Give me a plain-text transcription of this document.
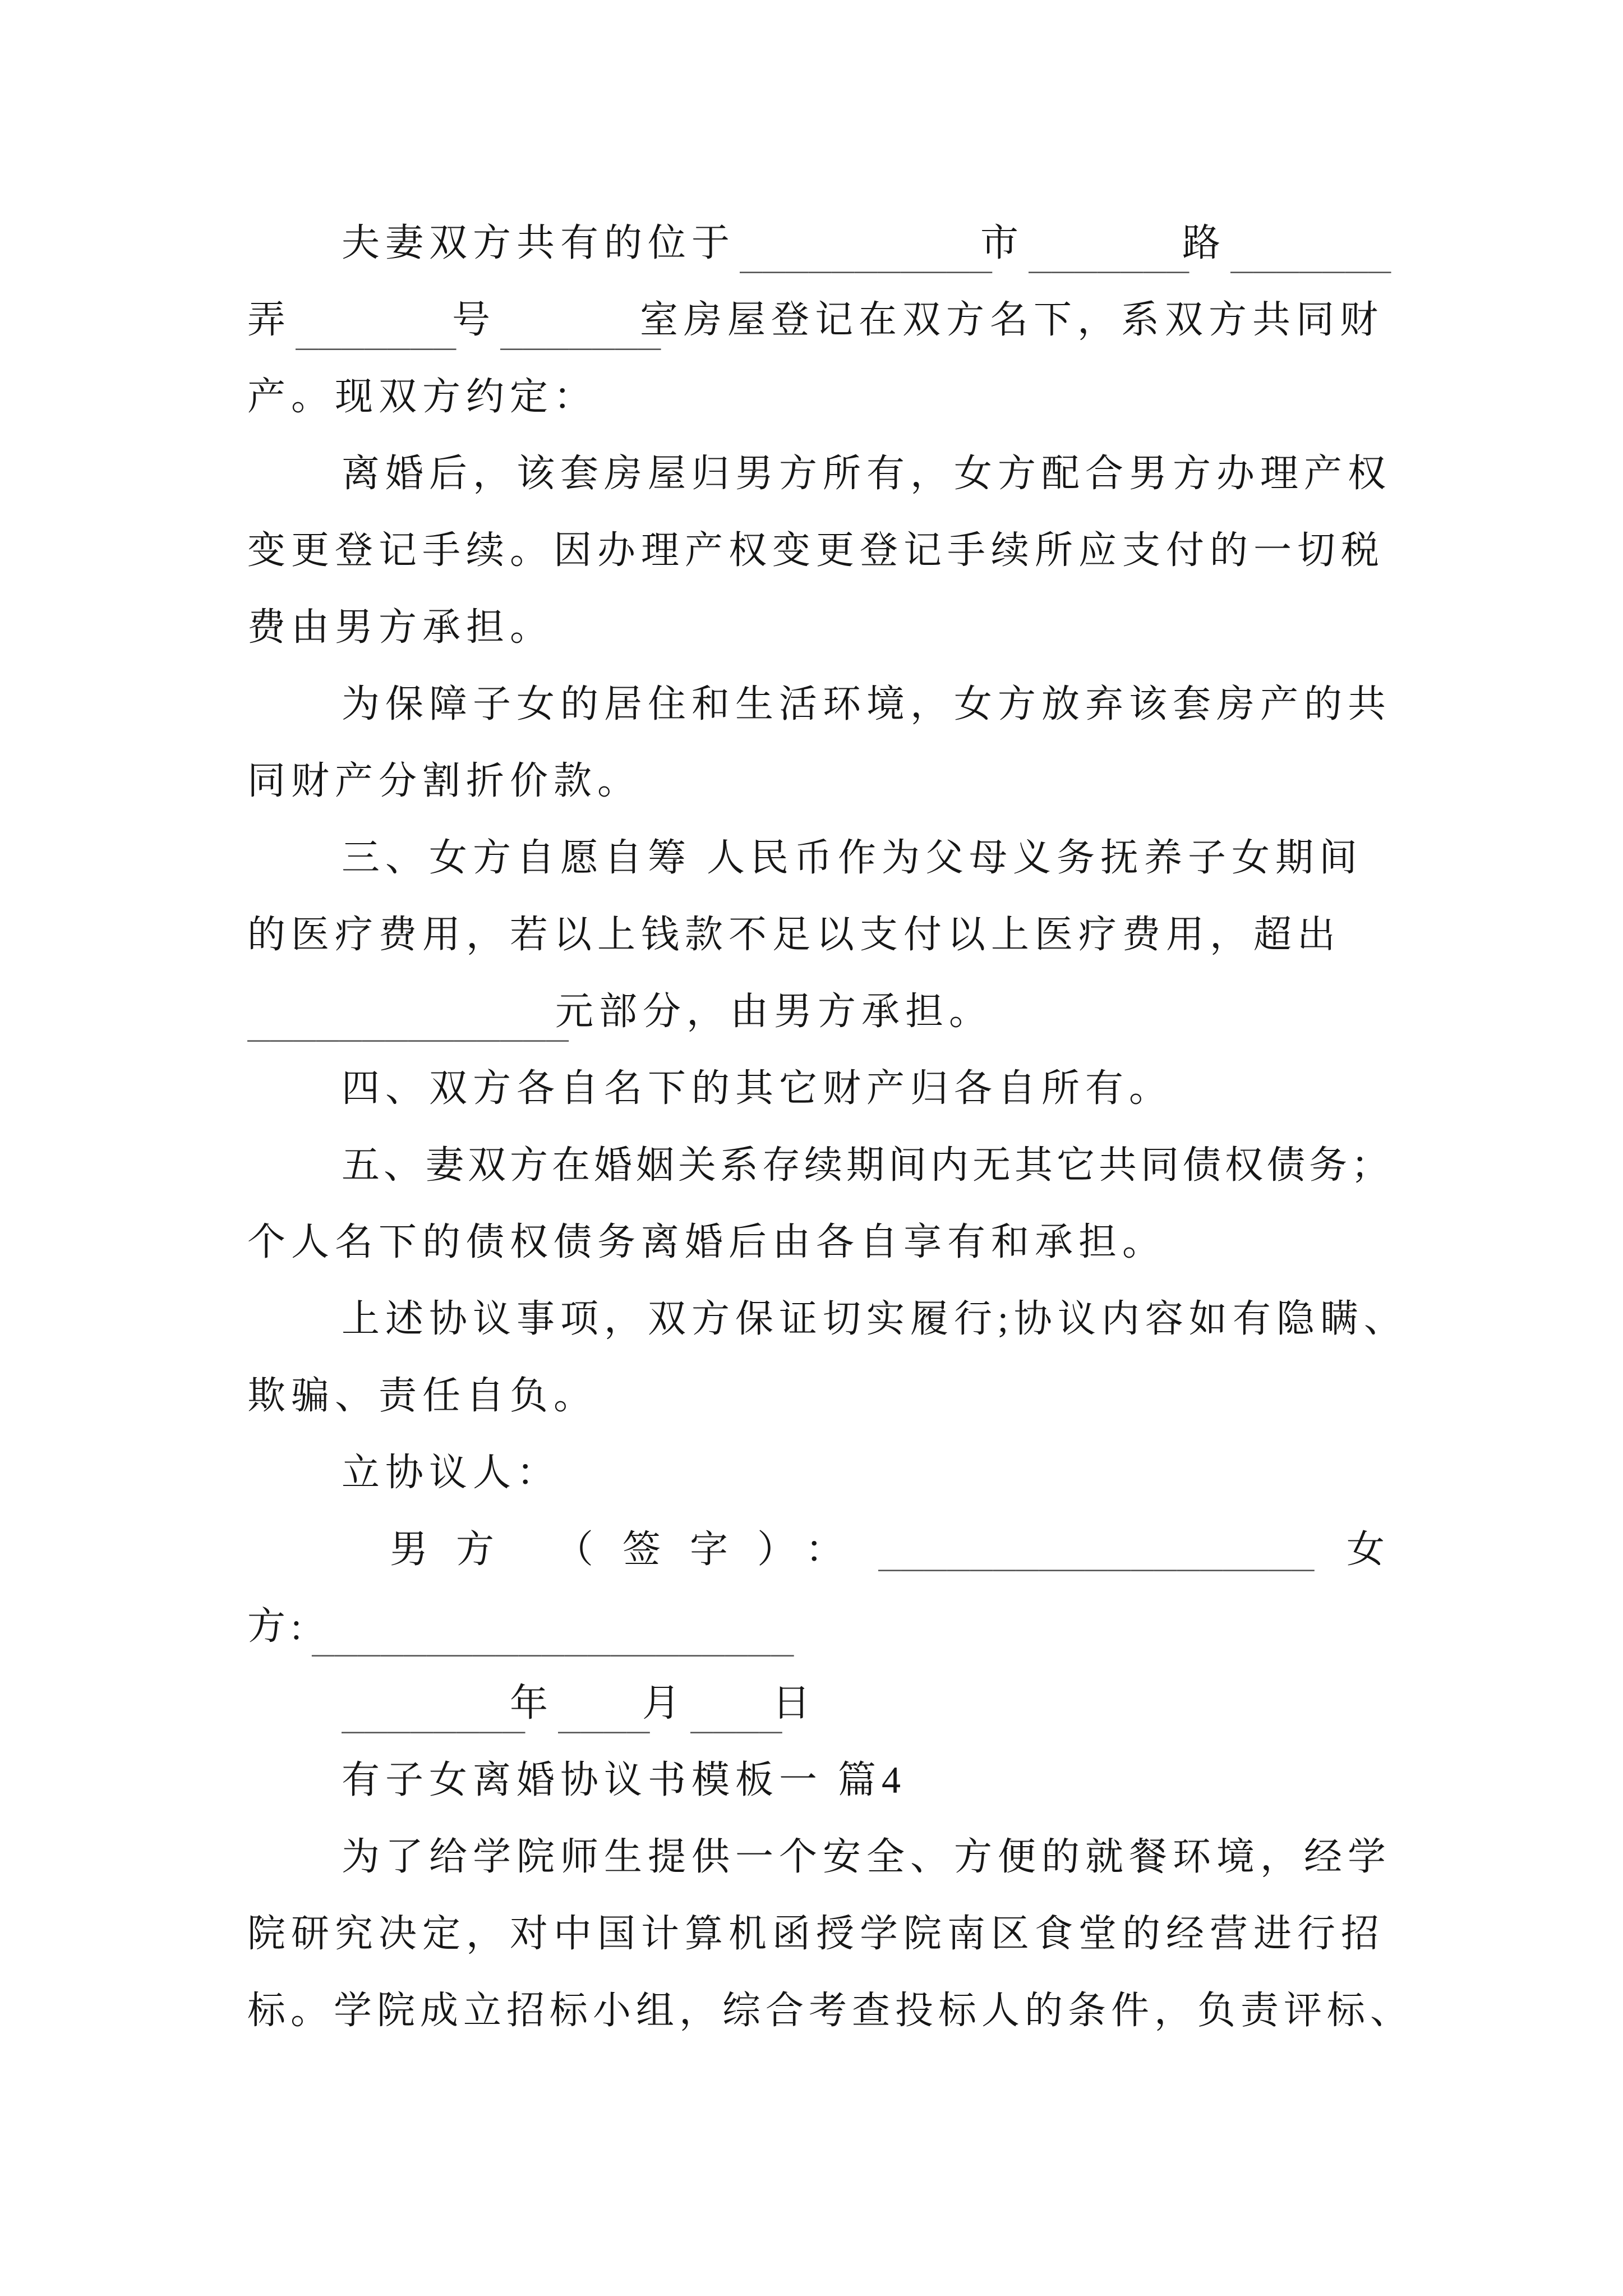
夫妻双方共有的位于 ___________市 _______路 _______
弄 _______号 _______室房屋登记在双方名下，系双方共同财
产。现双方约定：
离婚后，该套房屋归男方所有，女方配合男方办理产权
变更登记手续。因办理产权变更登记手续所应支付的一切税
费由男方承担。
为保障子女的居住和生活环境，女方放弃该套房产的共
同财产分割折价款。
三、女方自愿自筹 人民币作为父母义务抚养子女期间
的医疗费用，若以上钱款不足以支付以上医疗费用，超出
______________元部分，由男方承担。
四、双方各自名下的其它财产归各自所有。
五、妻双方在婚姻关系存续期间内无其它共同债权债务；
个人名下的债权债务离婚后由各自享有和承担。
上述协议事项，双方保证切实履行;协议内容如有隐瞒、
欺骗、责任自负。
立协议人：
男方 （签字）： ___________________ 女
方: _____________________
________年 ____月 ____日
有子女离婚协议书模板一 篇4
为了给学院师生提供一个安全、方便的就餐环境，经学
院研究决定，对中国计算机函授学院南区食堂的经营进行招
标。学院成立招标小组，综合考查投标人的条件，负责评标、
